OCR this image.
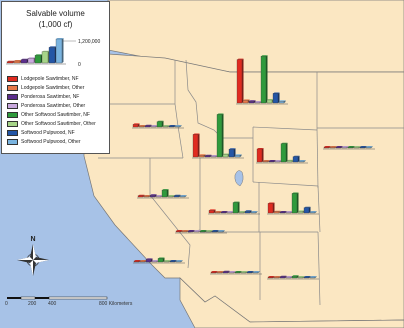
N
0	200 400	800 Kilometers
Salvable volume
(1,000 cf)
1,200,000
0
Lodgepole Sawtimber, NF
Lodgepole Sawtimber, Other
Ponderosa Sawtimber, NF
Ponderosa Sawtimber, Other
Other Softwood Sawtimber, NF
Other Softwood Sawtimber, Other
Softwood Pulpwood, NF
Softwood Pulpwood, Other
